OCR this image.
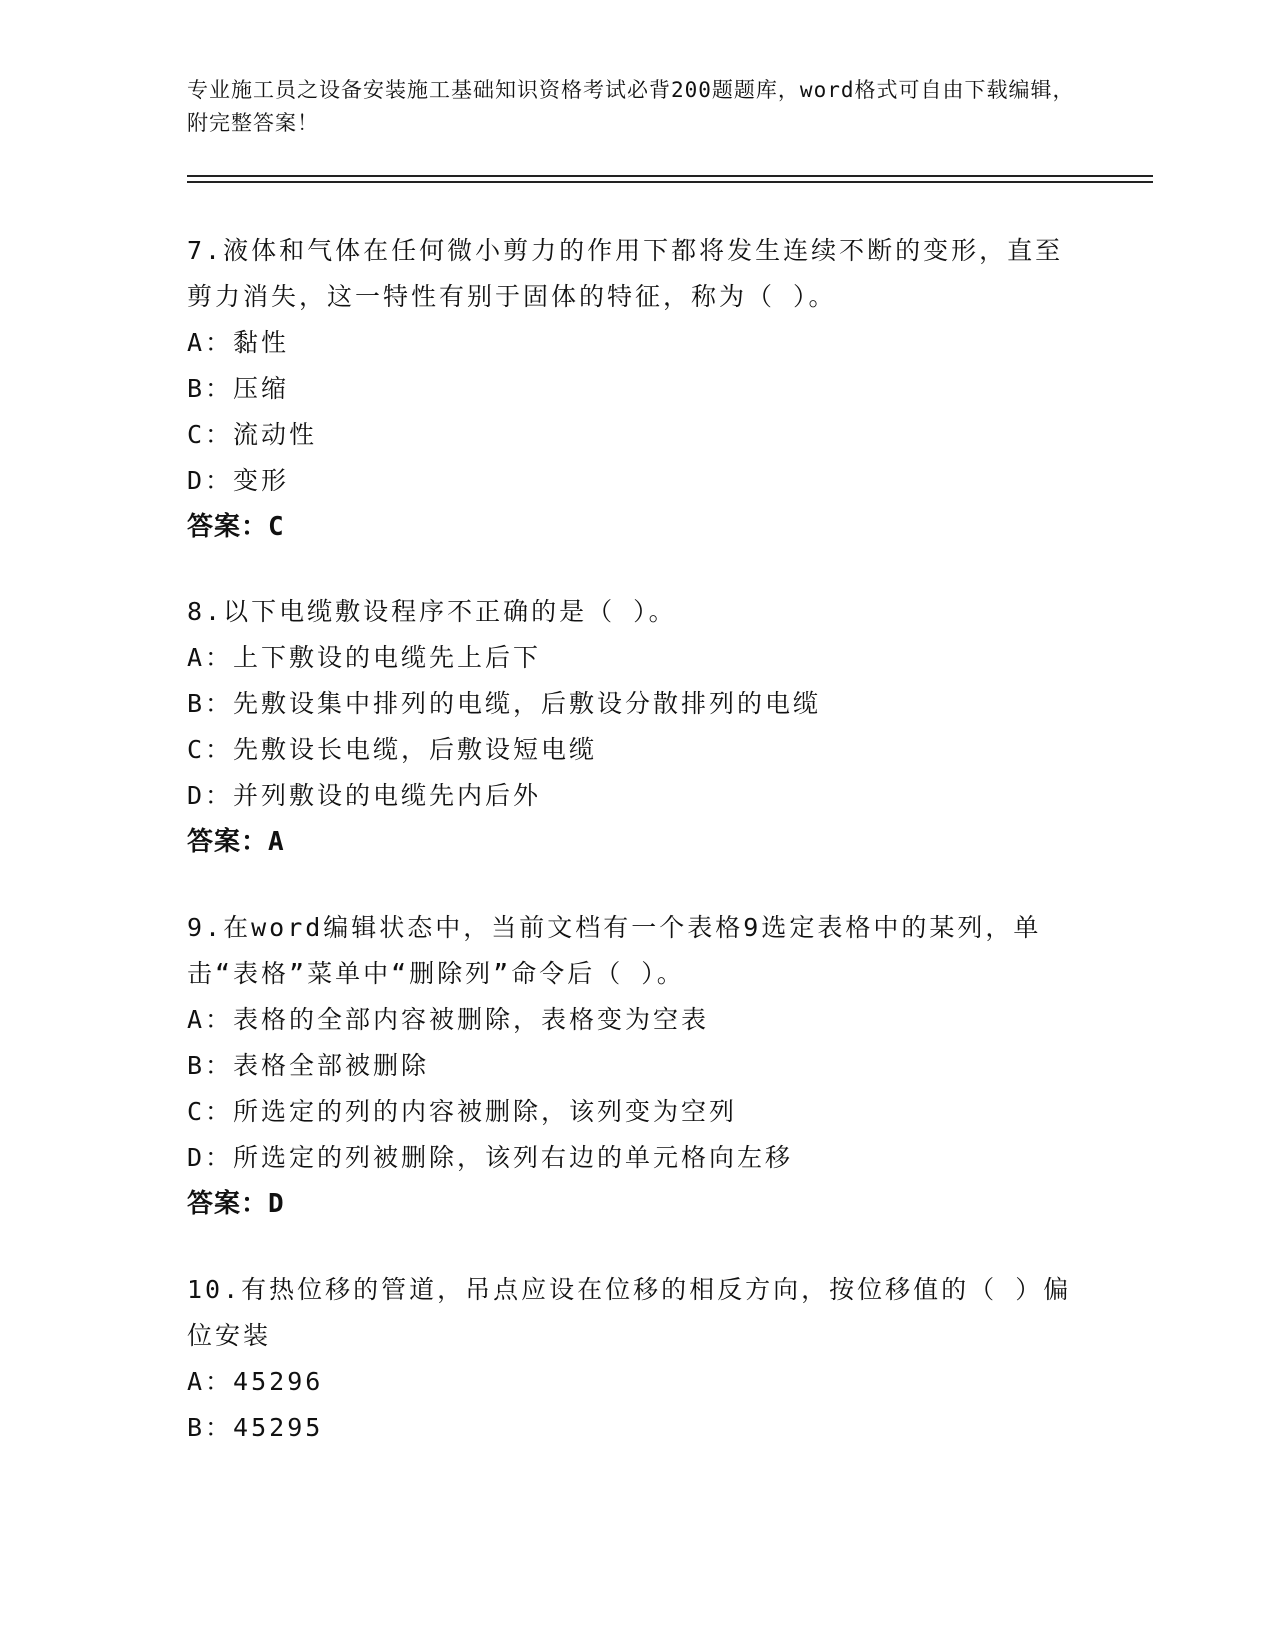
专业施工员之设备安装施工基础知识资格考试必背200题题库，word格式可自由下载编辑，附完整答案！
7.液体和气体在任何微小剪力的作用下都将发生连续不断的变形，直至剪力消失，这一特性有别于固体的特征，称为（ ）。
A：黏性
B：压缩
C：流动性
D：变形
答案：C
8.以下电缆敷设程序不正确的是（ ）。
A：上下敷设的电缆先上后下
B：先敷设集中排列的电缆，后敷设分散排列的电缆
C：先敷设长电缆，后敷设短电缆
D：并列敷设的电缆先内后外
答案：A
9.在word编辑状态中，当前文档有一个表格9选定表格中的某列，单击“表格”菜单中“删除列”命令后（ ）。
A：表格的全部内容被删除，表格变为空表
B：表格全部被删除
C：所选定的列的内容被删除，该列变为空列
D：所选定的列被删除，该列右边的单元格向左移
答案：D
10.有热位移的管道，吊点应设在位移的相反方向，按位移值的（ ）偏位安装
A：45296
B：45295
